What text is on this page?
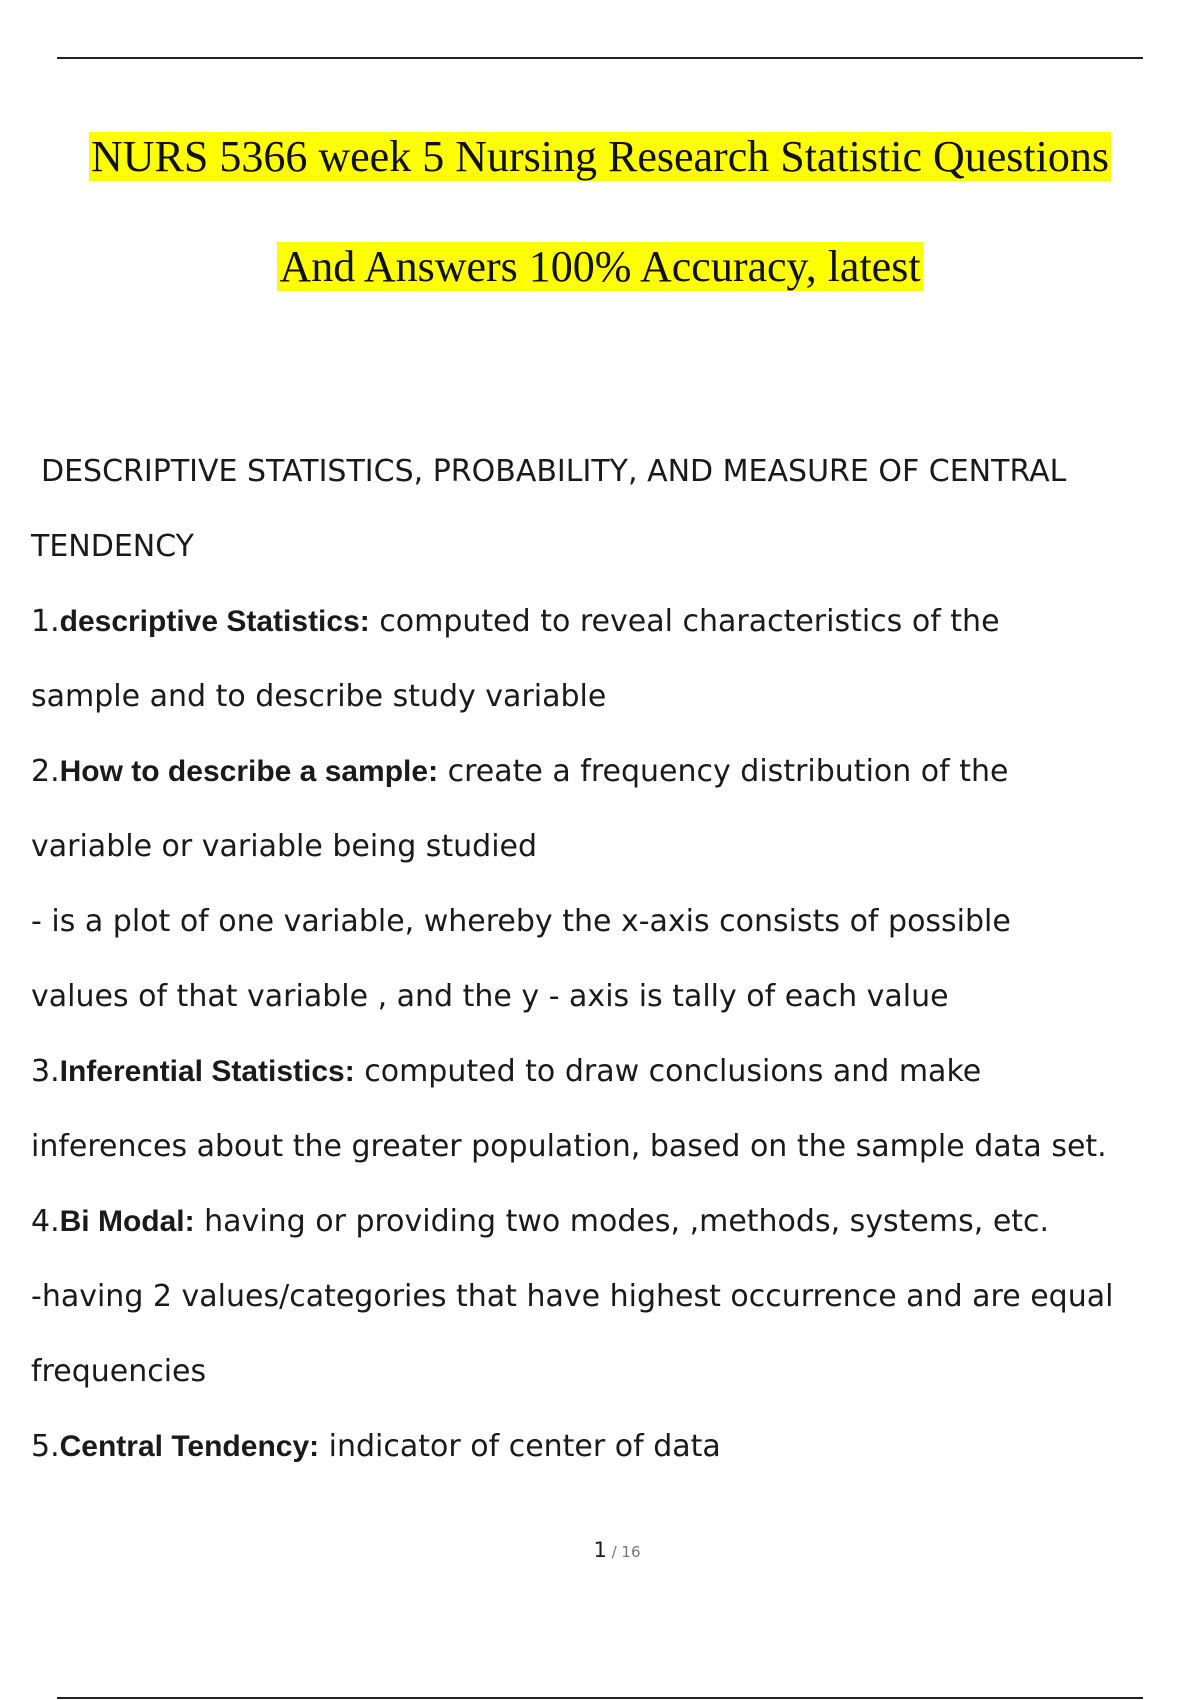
NURS 5366 week 5 Nursing Research Statistic Questions
And Answers 100% Accuracy, latest

DESCRIPTIVE STATISTICS, PROBABILITY, AND MEASURE OF CENTRAL

TENDENCY

1.descriptive Statistics: computed to reveal characteristics of the

sample and to describe study variable

2.How to describe a sample: create a frequency distribution of the

variable or variable being studied

- is a plot of one variable, whereby the x-axis consists of possible

values of that variable , and the y - axis is tally of each value

3.Inferential Statistics: computed to draw conclusions and make

inferences about the greater population, based on the sample data set.

4.Bi Modal: having or providing two modes, ,methods, systems, etc.

-having 2 values/categories that have highest occurrence and are equal

frequencies

5.Central Tendency: indicator of center of data

1 / 16
